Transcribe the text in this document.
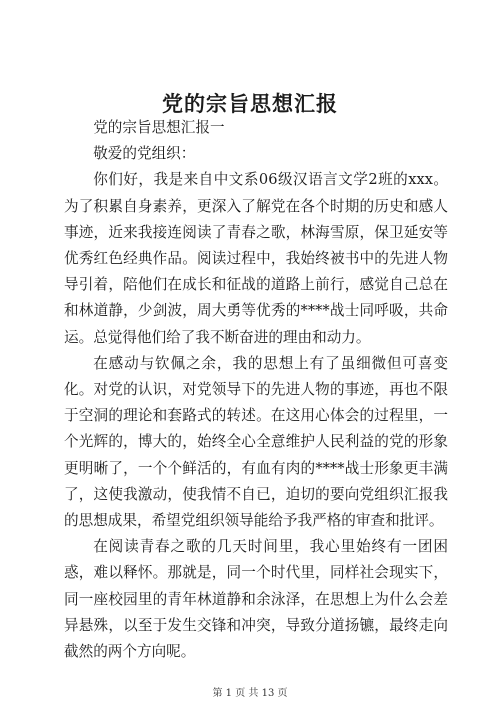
党的宗旨思想汇报

党的宗旨思想汇报一

敬爱的党组织：

你们好，我是来自中文系06级汉语言文学2班的xxx。为了积累自身素养，更深入了解党在各个时期的历史和感人事迹，近来我接连阅读了青春之歌，林海雪原，保卫延安等优秀红色经典作品。阅读过程中，我始终被书中的先进人物导引着，陪他们在成长和征战的道路上前行，感觉自己总在和林道静，少剑波，周大勇等优秀的****战士同呼吸，共命运。总觉得他们给了我不断奋进的理由和动力。

在感动与钦佩之余，我的思想上有了虽细微但可喜变化。对党的认识，对党领导下的先进人物的事迹，再也不限于空洞的理论和套路式的转述。在这用心体会的过程里，一个光辉的，博大的，始终全心全意维护人民利益的党的形象更明晰了，一个个鲜活的，有血有肉的****战士形象更丰满了，这使我激动，使我情不自已，迫切的要向党组织汇报我的思想成果，希望党组织领导能给予我严格的审查和批评。

在阅读青春之歌的几天时间里，我心里始终有一团困惑，难以释怀。那就是，同一个时代里，同样社会现实下，同一座校园里的青年林道静和余泳泽，在思想上为什么会差异悬殊，以至于发生交锋和冲突，导致分道扬镳，最终走向截然的两个方向呢。

第 1 页 共 13 页
